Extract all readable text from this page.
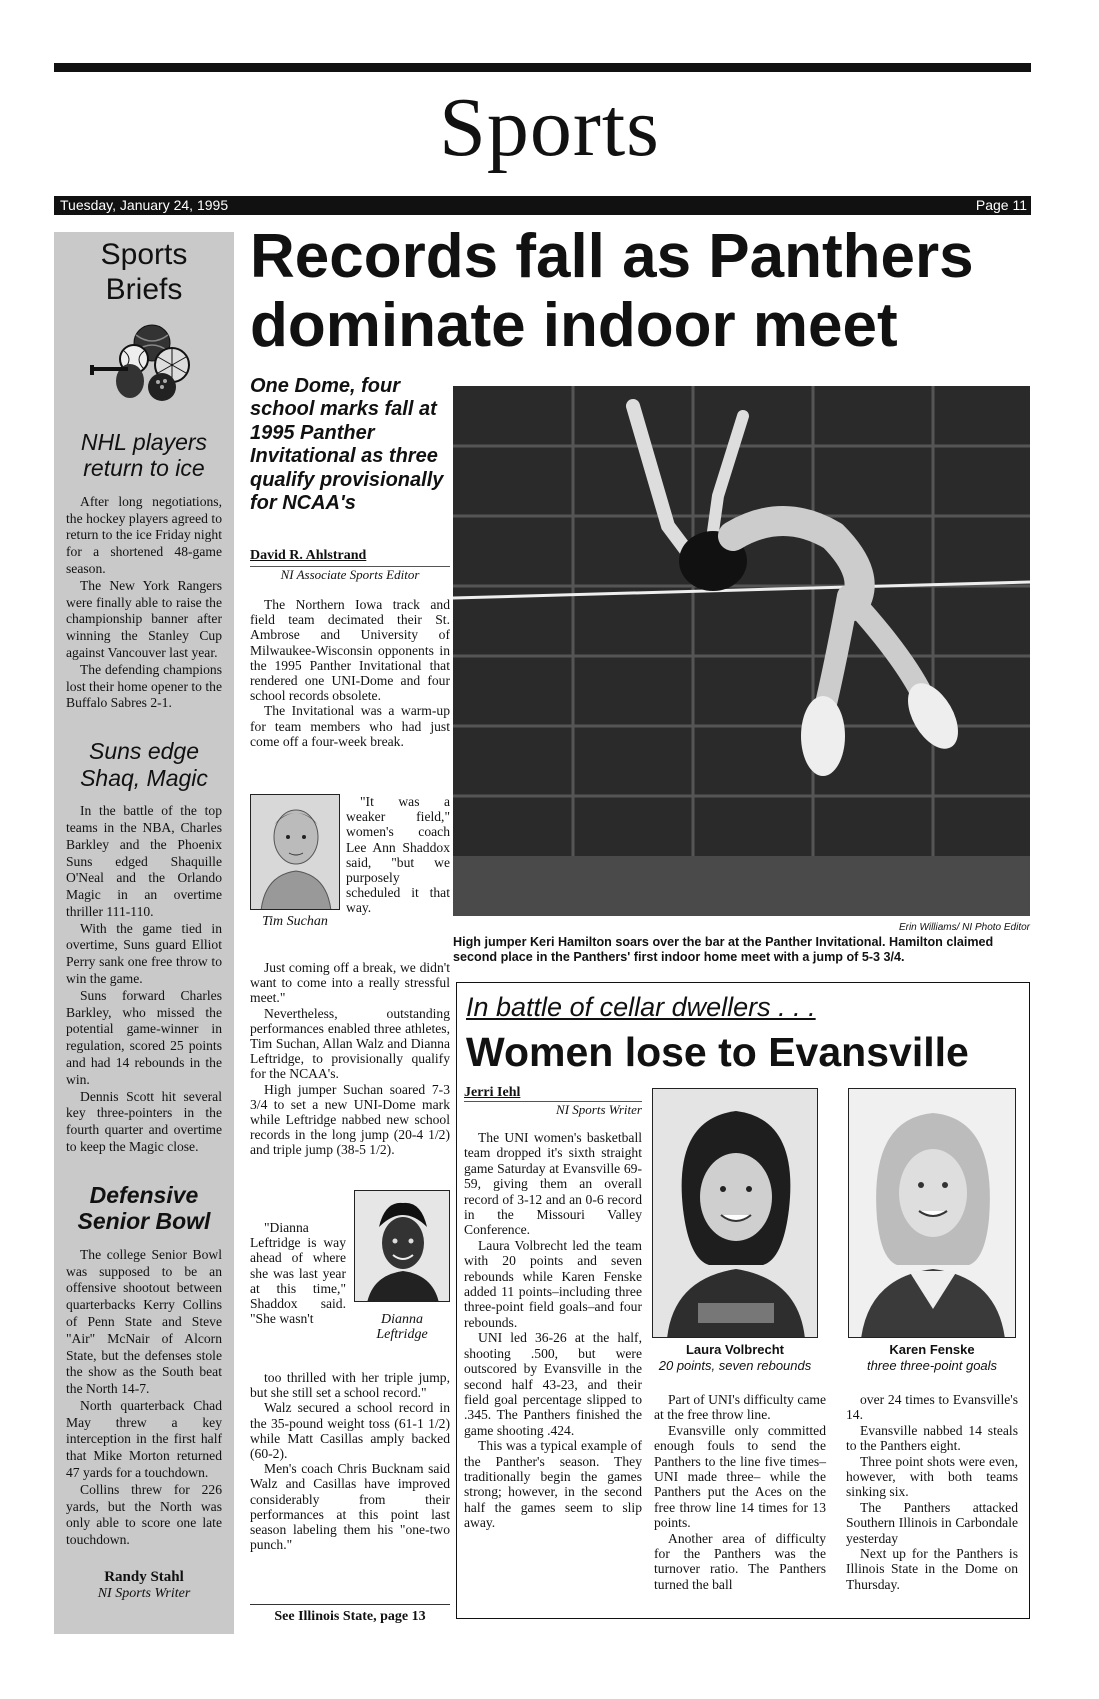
Sports
Tuesday, January 24, 1995	Page 11
Sports Briefs
NHL players return to ice

After long negotiations, the hockey players agreed to return to the ice Friday night for a shortened 48-game season.

The New York Rangers were finally able to raise the championship banner after winning the Stanley Cup against Vancouver last year.

The defending champions lost their home opener to the Buffalo Sabres 2-1.

Suns edge Shaq, Magic

In the battle of the top teams in the NBA, Charles Barkley and the Phoenix Suns edged Shaquille O'Neal and the Orlando Magic in an overtime thriller 111-110.

With the game tied in overtime, Suns guard Elliot Perry sank one free throw to win the game.

Suns forward Charles Barkley, who missed the potential game-winner in regulation, scored 25 points and had 14 rebounds in the win.

Dennis Scott hit several key three-pointers in the fourth quarter and overtime to keep the Magic close.

Defensive Senior Bowl

The college Senior Bowl was supposed to be an offensive shootout between quarterbacks Kerry Collins of Penn State and Steve "Air" McNair of Alcorn State, but the defenses stole the show as the South beat the North 14-7.

North quarterback Chad May threw a key interception in the first half that Mike Morton returned 47 yards for a touchdown.

Collins threw for 226 yards, but the North was only able to score one late touchdown.

Randy Stahl
NI Sports Writer
Records fall as Panthers dominate indoor meet
One Dome, four school marks fall at 1995 Panther Invitational as three qualify provisionally for NCAA's
David R. Ahlstrand
NI Associate Sports Editor

The Northern Iowa track and field team decimated their St. Ambrose and University of Milwaukee-Wisconsin opponents in the 1995 Panther Invitational that rendered one UNI-Dome and four school records obsolete.

The Invitational was a warm-up for team members who had just come off a four-week break.

Tim Suchan

"It was a weaker field," women's coach Lee Ann Shaddox said, "but we purposely scheduled it that way.

Just coming off a break, we didn't want to come into a really stressful meet."

Nevertheless, outstanding performances enabled three athletes, Tim Suchan, Allan Walz and Dianna Leftridge, to provisionally qualify for the NCAA's.

High jumper Suchan soared 7-3 3/4 to set a new UNI-Dome mark while Leftridge nabbed new school records in the long jump (20-4 1/2) and triple jump (38-5 1/2).

"Dianna Leftridge is way ahead of where she was last year at this time," Shaddox said. "She wasn't	Dianna Leftridge

too thrilled with her triple jump, but she still set a school record."

Walz secured a school record in the 35-pound weight toss (61-1 1/2) while Matt Casillas amply backed (60-2).

Men's coach Chris Bucknam said Walz and Casillas have improved considerably from their performances at this point last season labeling them his "one-two punch."

See Illinois State, page 13
Erin Williams/ NI Photo Editor
High jumper Keri Hamilton soars over the bar at the Panther Invitational. Hamilton claimed second place in the Panthers' first indoor home meet with a jump of 5-3 3/4.
In battle of cellar dwellers . . .
Women lose to Evansville
Jerri Iehl
NI Sports Writer

The UNI women's basketball team dropped it's sixth straight game Saturday at Evansville 69-59, giving them an overall record of 3-12 and an 0-6 record in the Missouri Valley Conference.

Laura Volbrecht led the team with 20 points and seven rebounds while Karen Fenske added 11 points–including three three-point field goals–and four rebounds.

UNI led 36-26 at the half, shooting .500, but were outscored by Evansville in the second half 43-23, and their field goal percentage slipped to .345. The Panthers finished the game shooting .424.

This was a typical example of the Panther's season. They traditionally begin the games strong; however, in the second half the games seem to slip away.

Laura Volbrecht
20 points, seven rebounds
Karen Fenske
three three-point goals

Part of UNI's difficulty came at the free throw line.

Evansville only committed enough fouls to send the Panthers to the line five times–UNI made three– while the Panthers put the Aces on the free throw line 14 times for 13 points.

Another area of difficulty for the Panthers was the turnover ratio. The Panthers turned the ball

over 24 times to Evansville's 14.

Evansville nabbed 14 steals to the Panthers eight.

Three point shots were even, however, with both teams sinking six.

The Panthers attacked Southern Illinois in Carbondale yesterday

Next up for the Panthers is Illinois State in the Dome on Thursday.
